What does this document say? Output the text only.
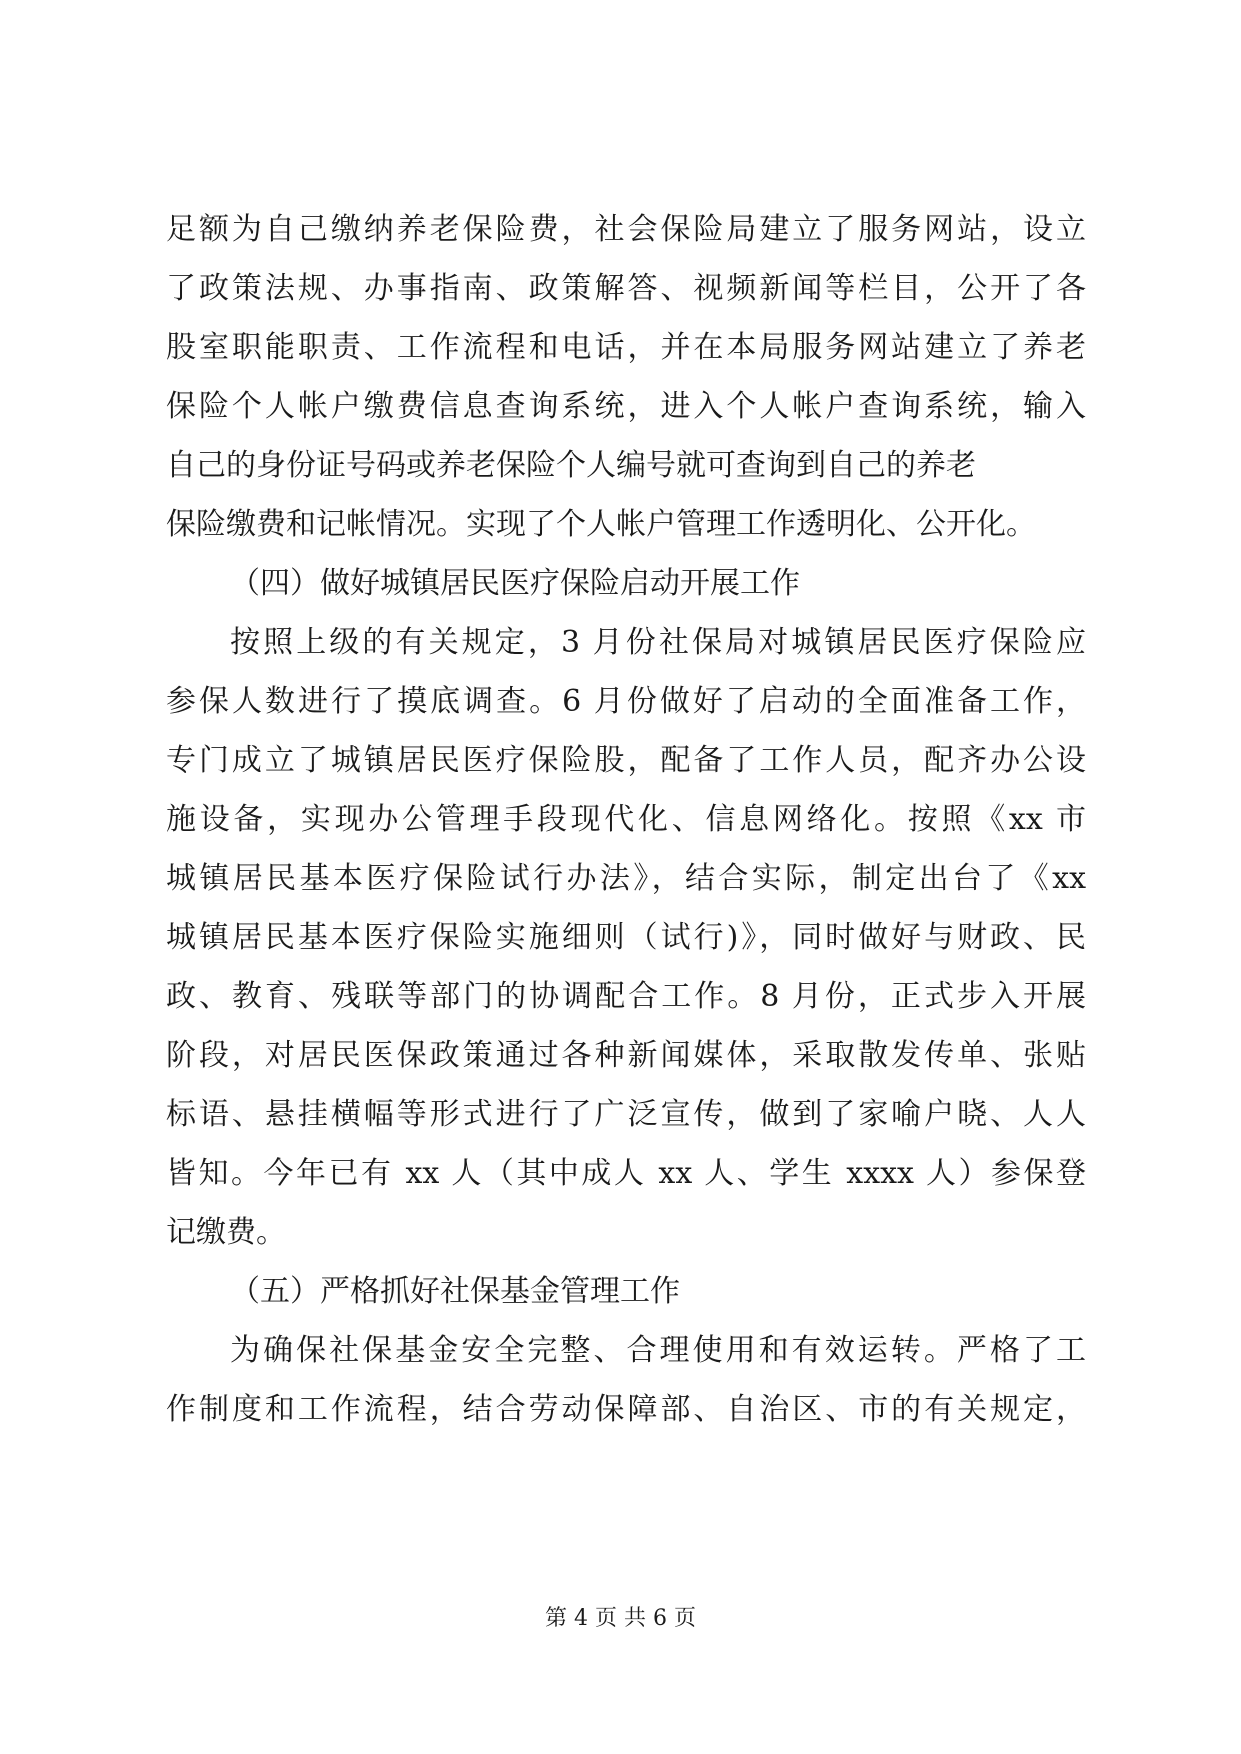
足额为自己缴纳养老保险费，社会保险局建立了服务网站，设立
了政策法规、办事指南、政策解答、视频新闻等栏目，公开了各
股室职能职责、工作流程和电话，并在本局服务网站建立了养老
保险个人帐户缴费信息查询系统，进入个人帐户查询系统，输入
自己的身份证号码或养老保险个人编号就可查询到自己的养老
保险缴费和记帐情况。实现了个人帐户管理工作透明化、公开化。
（四）做好城镇居民医疗保险启动开展工作
按照上级的有关规定，3 月份社保局对城镇居民医疗保险应
参保人数进行了摸底调查。6 月份做好了启动的全面准备工作，
专门成立了城镇居民医疗保险股，配备了工作人员，配齐办公设
施设备，实现办公管理手段现代化、信息网络化。按照《xx 市
城镇居民基本医疗保险试行办法》，结合实际，制定出台了《xx
城镇居民基本医疗保险实施细则（试行)》，同时做好与财政、民
政、教育、残联等部门的协调配合工作。8 月份，正式步入开展
阶段，对居民医保政策通过各种新闻媒体，采取散发传单、张贴
标语、悬挂横幅等形式进行了广泛宣传，做到了家喻户晓、人人
皆知。今年已有 xx 人（其中成人 xx 人、学生 xxxx 人）参保登
记缴费。
（五）严格抓好社保基金管理工作
为确保社保基金安全完整、合理使用和有效运转。严格了工
作制度和工作流程，结合劳动保障部、自治区、市的有关规定，
第 4 页 共 6 页
